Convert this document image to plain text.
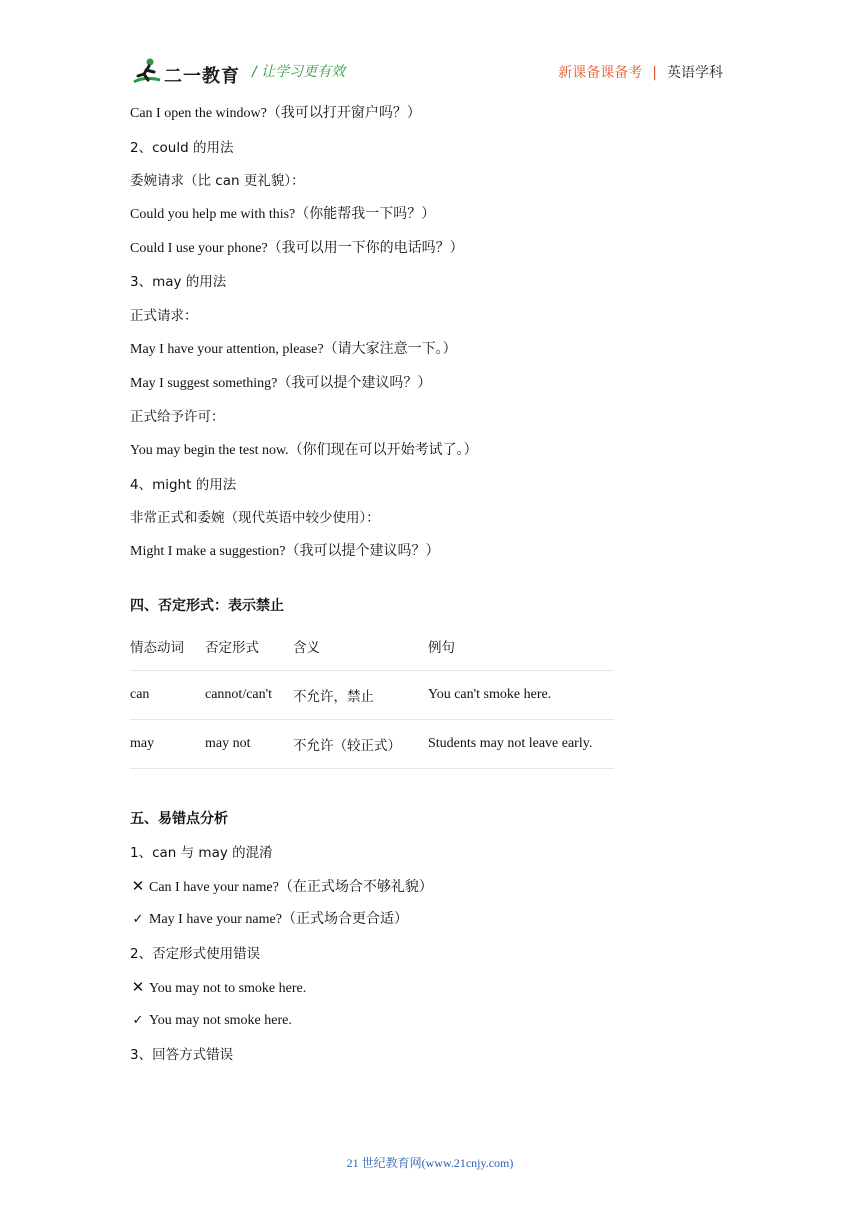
二一教育 / 让学习更有效	新课备课备考 | 英语学科
Can I open the window?（我可以打开窗户吗？）
2、could 的用法
委婉请求（比 can 更礼貌）：
Could you help me with this?（你能帮我一下吗？）
Could I use your phone?（我可以用一下你的电话吗？）
3、may 的用法
正式请求：
May I have your attention, please?（请大家注意一下。）
May I suggest something?（我可以提个建议吗？）
正式给予许可：
You may begin the test now.（你们现在可以开始考试了。）
4、might 的用法
非常正式和委婉（现代英语中较少使用）：
Might I make a suggestion?（我可以提个建议吗？）
四、否定形式：表示禁止
情态动词	否定形式	含义	例句
can	cannot/can't	不允许，禁止	You can't smoke here.
may	may not	不允许（较正式）	Students may not leave early.
五、易错点分析
1、can 与 may 的混淆
✕ Can I have your name?（在正式场合不够礼貌）
✓ May I have your name?（正式场合更合适）
2、否定形式使用错误
✕ You may not to smoke here.
✓ You may not smoke here.
3、回答方式错误
21 世纪教育网(www.21cnjy.com)
